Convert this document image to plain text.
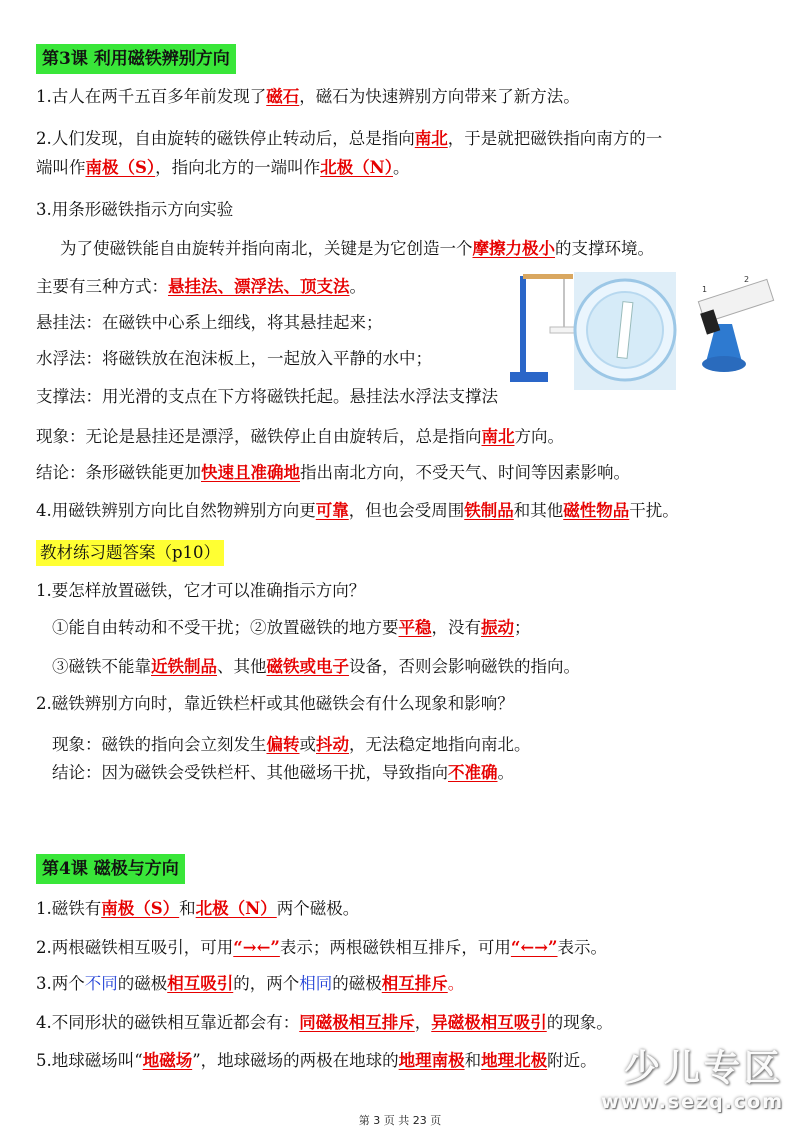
第3课 利用磁铁辨别方向
1.古人在两千五百多年前发现了磁石，磁石为快速辨别方向带来了新方法。
2.人们发现，自由旋转的磁铁停止转动后，总是指向南北，于是就把磁铁指向南方的一
端叫作南极（S），指向北方的一端叫作北极（N）。
3.用条形磁铁指示方向实验
为了使磁铁能自由旋转并指向南北，关键是为它创造一个摩擦力极小的支撑环境。
主要有三种方式：悬挂法、漂浮法、顶支法。
悬挂法：在磁铁中心系上细线，将其悬挂起来；
水浮法：将磁铁放在泡沫板上，一起放入平静的水中；
支撑法：用光滑的支点在下方将磁铁托起。悬挂法水浮法支撑法
1
2
现象：无论是悬挂还是漂浮，磁铁停止自由旋转后，总是指向南北方向。
结论：条形磁铁能更加快速且准确地指出南北方向，不受天气、时间等因素影响。
4.用磁铁辨别方向比自然物辨别方向更可靠，但也会受周围铁制品和其他磁性物品干扰。
教材练习题答案（p10）
1.要怎样放置磁铁，它才可以准确指示方向？
①能自由转动和不受干扰；②放置磁铁的地方要平稳，没有振动；
③磁铁不能靠近铁制品、其他磁铁或电子设备，否则会影响磁铁的指向。
2.磁铁辨别方向时，靠近铁栏杆或其他磁铁会有什么现象和影响？
现象：磁铁的指向会立刻发生偏转或抖动，无法稳定地指向南北。
结论：因为磁铁会受铁栏杆、其他磁场干扰，导致指向不准确。
第4课 磁极与方向
1.磁铁有南极（S）和北极（N）两个磁极。
2.两根磁铁相互吸引，可用“→←”表示；两根磁铁相互排斥，可用“←→”表示。
3.两个不同的磁极相互吸引的，两个相同的磁极相互排斥。
4.不同形状的磁铁相互靠近都会有：同磁极相互排斥，异磁极相互吸引的现象。
5.地球磁场叫“地磁场”，地球磁场的两极在地球的地理南极和地理北极附近。 少儿专区
www.sezq.com
第 3 页 共 23 页
